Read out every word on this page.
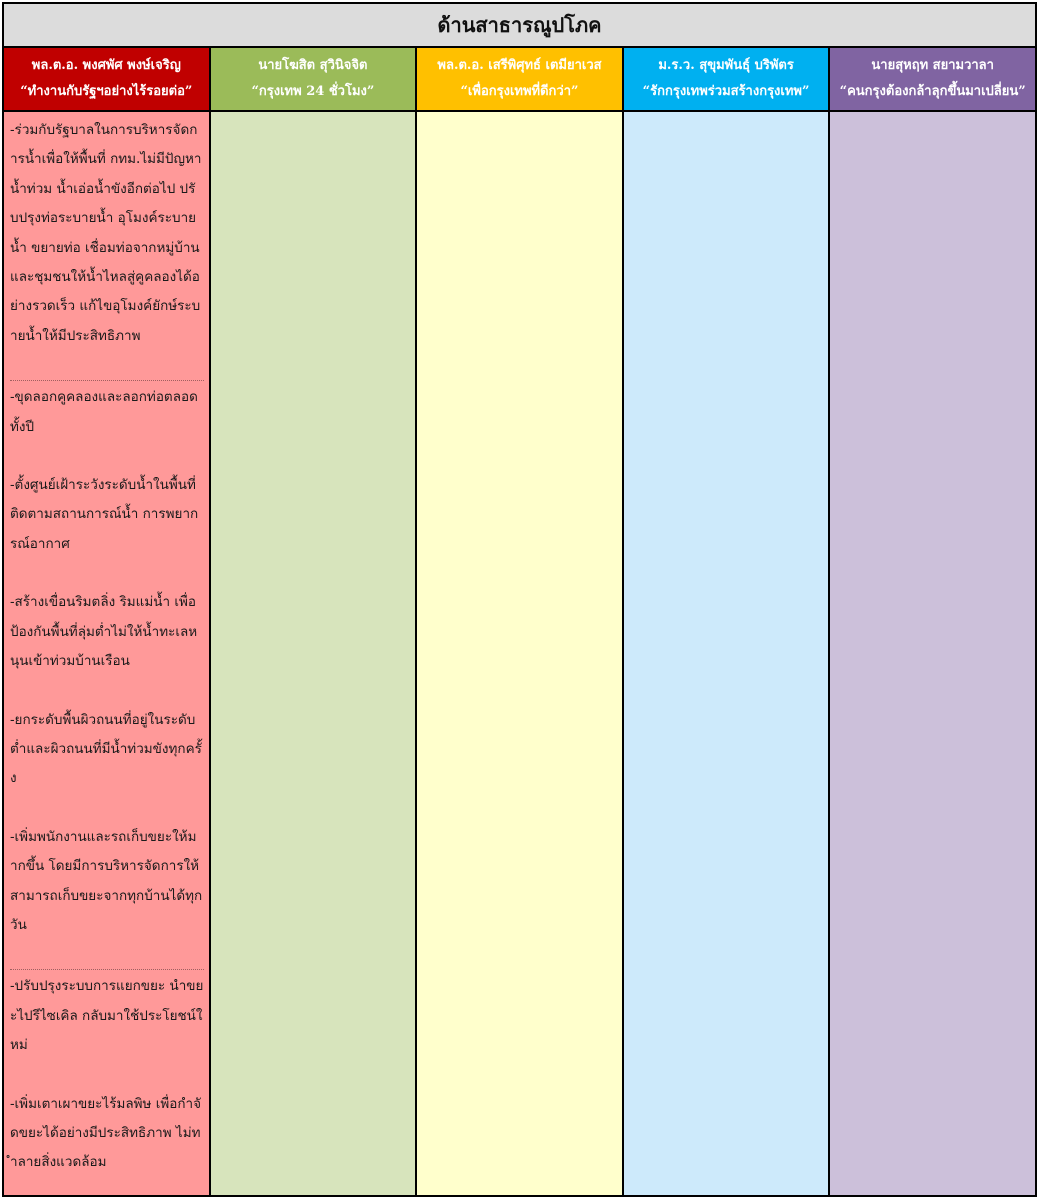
ด้านสาธารณูปโภค
พล.ต.อ. พงศพัศ พงษ์เจริญ
“ทำงานกับรัฐฯอย่างไร้รอยต่อ”

-ร่วมกับรัฐบาลในการบริหารจัดการน้ำเพื่อให้พื้นที่ กทม.ไม่มีปัญหาน้ำท่วม น้ำเอ่อน้ำขังอีกต่อไป ปรับปรุงท่อระบายน้ำ อุโมงค์ระบายน้ำ ขยายท่อ เชื่อมท่อจากหมู่บ้านและชุมชนให้น้ำไหลสู่คูคลองได้อย่างรวดเร็ว แก้ไขอุโมงค์ยักษ์ระบายน้ำให้มีประสิทธิภาพ

-ขุดลอกคูคลองและลอกท่อตลอดทั้งปี

-ตั้งศูนย์เฝ้าระวังระดับน้ำในพื้นที่ ติดตามสถานการณ์น้ำ การพยากรณ์อากาศ

-สร้างเขื่อนริมตลิ่ง ริมแม่น้ำ เพื่อป้องกันพื้นที่ลุ่มต่ำไม่ให้น้ำทะเลหนุนเข้าท่วมบ้านเรือน

-ยกระดับพื้นผิวถนนที่อยู่ในระดับต่ำและผิวถนนที่มีน้ำท่วมขังทุกครั้ง

-เพิ่มพนักงานและรถเก็บขยะให้มากขึ้น โดยมีการบริหารจัดการให้สามารถเก็บขยะจากทุกบ้านได้ทุกวัน

-ปรับปรุงระบบการแยกขยะ นำขยะไปรีไซเคิล กลับมาใช้ประโยชน์ใหม่

-เพิ่มเตาเผาขยะไร้มลพิษ เพื่อกำจัดขยะได้อย่างมีประสิทธิภาพ ไม่ทำลายสิ่งแวดล้อม

นายโฆสิต สุวินิจจิต
“กรุงเทพ 24 ชั่วโมง”
พล.ต.อ. เสรีพิศุทธ์ เตมียาเวส
“เพื่อกรุงเทพที่ดีกว่า”
ม.ร.ว. สุขุมพันธุ์ บริพัตร
“รักกรุงเทพร่วมสร้างกรุงเทพ”
นายสุหฤท สยามวาลา
“คนกรุงต้องกล้าลุกขึ้นมาเปลี่ยน”
